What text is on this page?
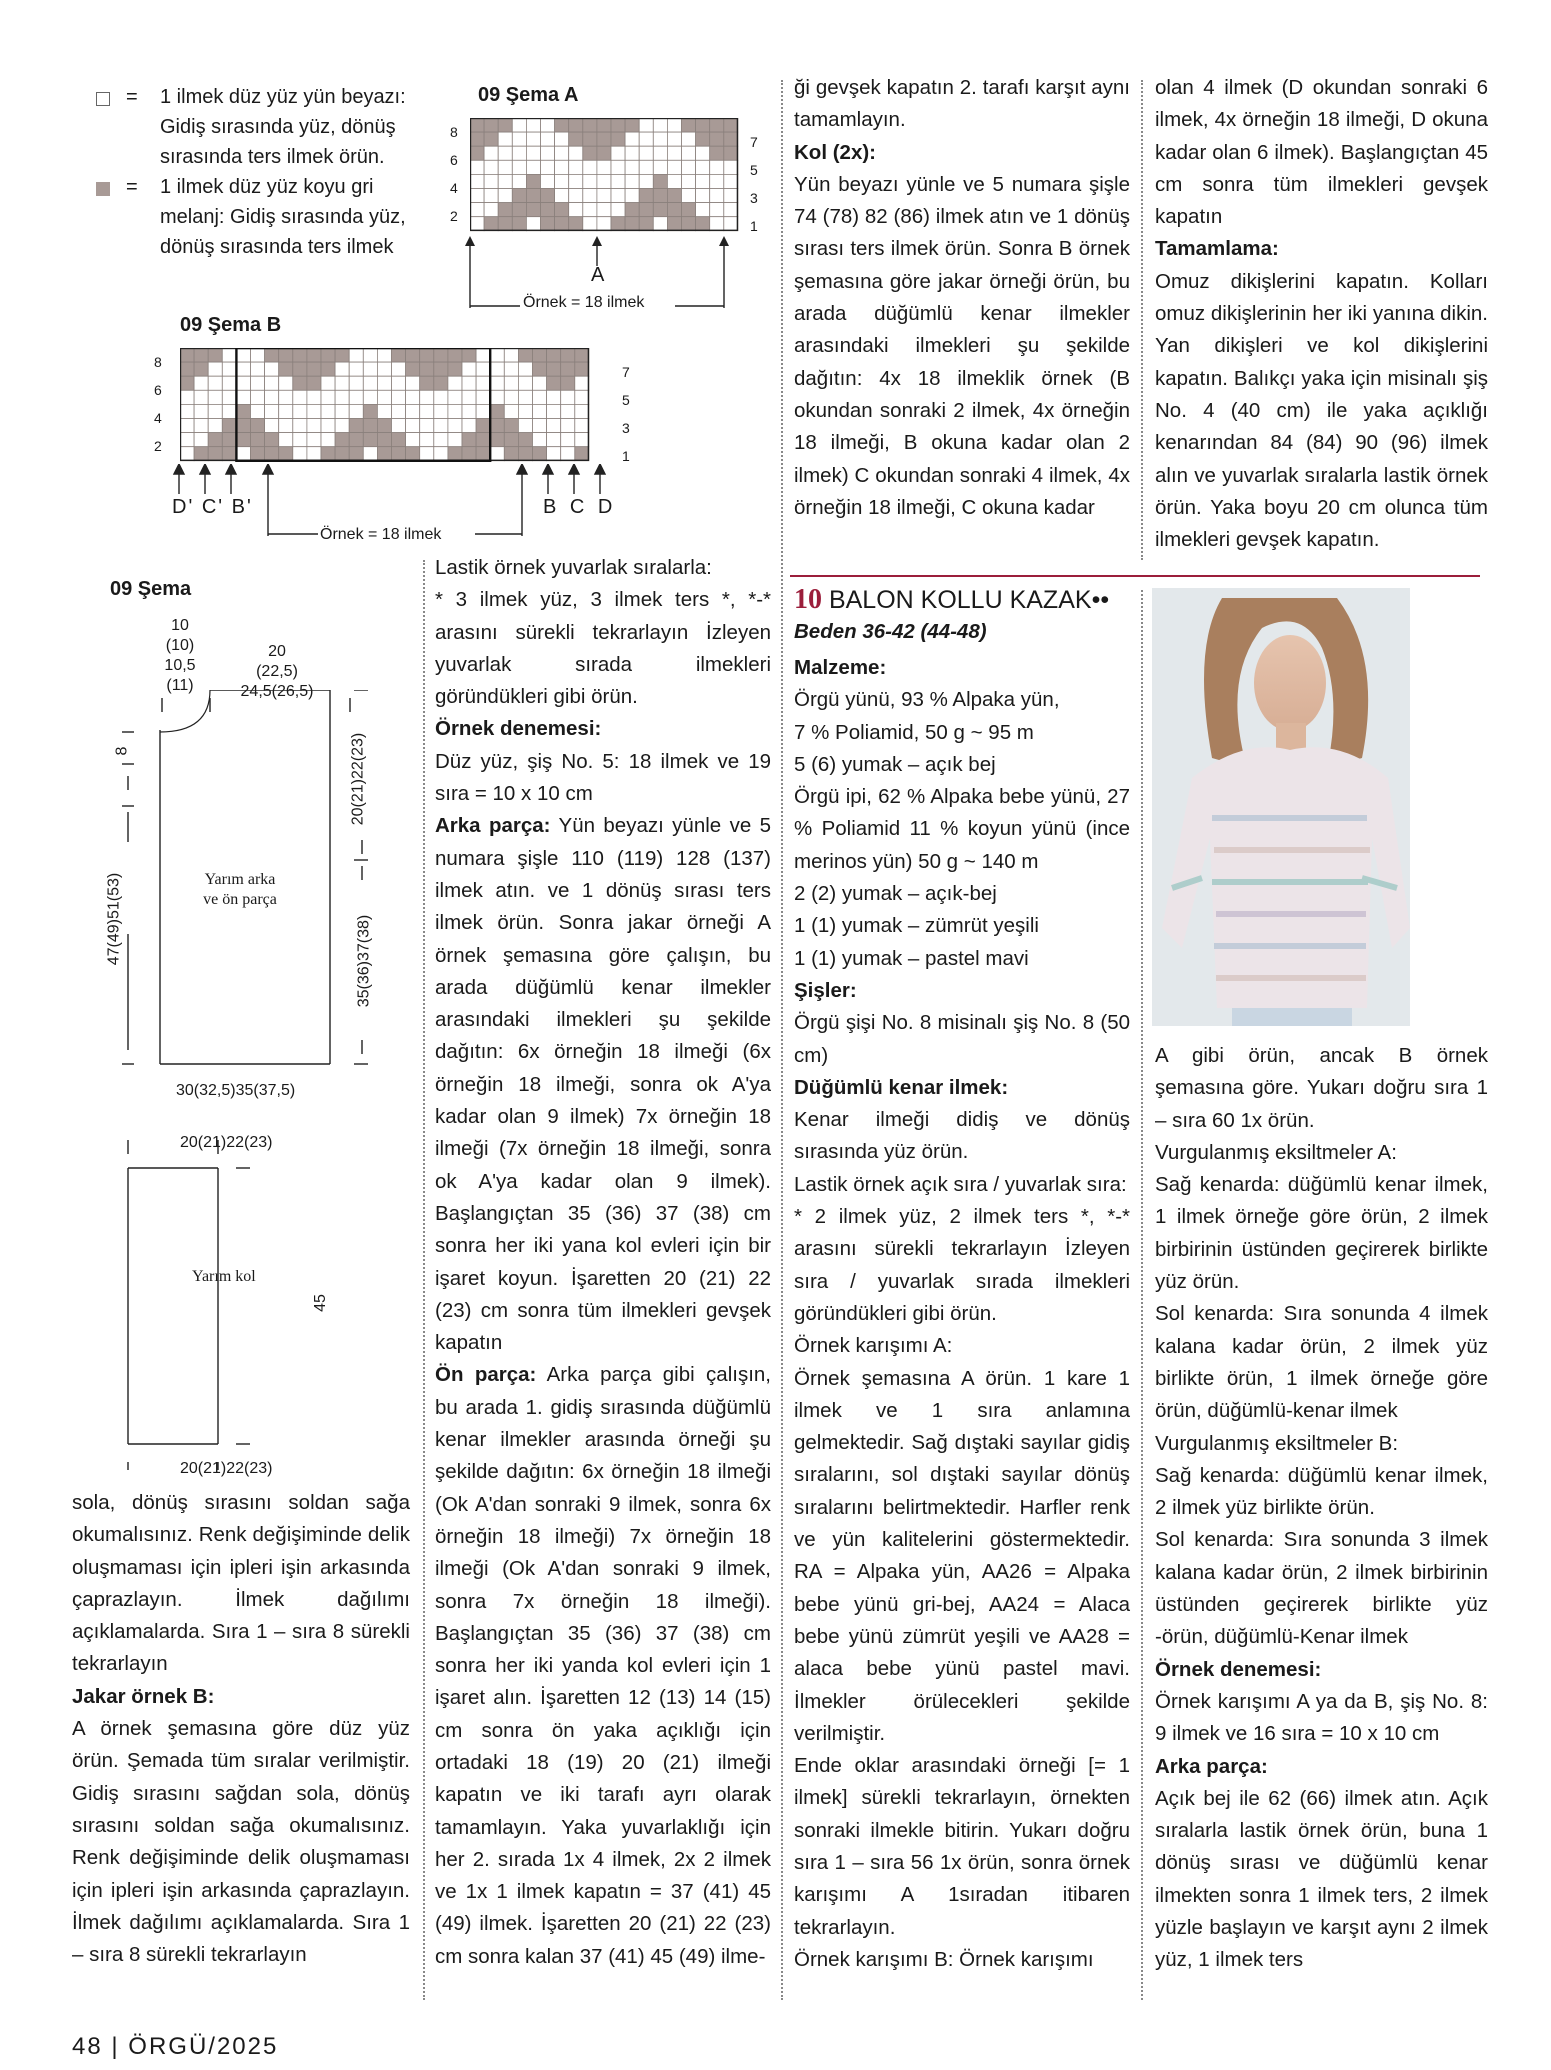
= 1 ilmek düz yüz yün beyazı: Gidiş sırasında yüz, dönüş sırasında ters ilmek örün.
= 1 ilmek düz yüz koyu gri melanj: Gidiş sırasında yüz, dönüş sırasında ters ilmek
09 Şema A
8
6
4
2
7
5
3
1
A
Örnek = 18 ilmek
09 Şema B
8
6
4
2
7
5
3
1
D' C' B'	B C D
Örnek = 18 ilmek
09 Şema
10
(10)
10,5
(11)
20
(22,5)
24,5(26,5)
8
47(49)51(53)
20(21)22(23)
35(36)37(38)
Yarım arka
ve ön parça
30(32,5)35(37,5)
20(21)22(23)
Yarım kol
45
20(21)22(23)

sola, dönüş sırasını soldan sağa okumalısınız. Renk değişiminde delik oluşmaması için ipleri işin arkasında çaprazlayın. İlmek dağılımı açıklamalarda. Sıra 1 – sıra 8 sürekli tekrarlayın

Jakar örnek B:

A örnek şemasına göre düz yüz örün. Şemada tüm sıralar verilmiştir. Gidiş sırasını sağdan sola, dönüş sırasını soldan sağa okumalısınız. Renk değişiminde delik oluşmaması için ipleri işin arkasında çaprazlayın. İlmek dağılımı açıklamalarda. Sıra 1 – sıra 8 sürekli tekrarlayın

Lastik örnek yuvarlak sıralarla:

* 3 ilmek yüz, 3 ilmek ters *, *-* arasını sürekli tekrarlayın İzleyen yuvarlak sırada ilmekleri göründükleri gibi örün.

Örnek denemesi:

Düz yüz, şiş No. 5: 18 ilmek ve 19 sıra = 10 x 10 cm

Arka parça: Yün beyazı yünle ve 5 numara şişle 110 (119) 128 (137) ilmek atın. ve 1 dönüş sırası ters ilmek örün. Sonra jakar örneği A örnek şemasına göre çalışın, bu arada düğümlü kenar ilmekler arasındaki ilmekleri şu şekilde dağıtın: 6x örneğin 18 ilmeği (6x örneğin 18 ilmeği, sonra ok A'ya kadar olan 9 ilmek) 7x örneğin 18 ilmeği (7x örneğin 18 ilmeği, sonra ok A'ya kadar olan 9 ilmek). Başlangıçtan 35 (36) 37 (38) cm sonra her iki yana kol evleri için bir işaret koyun. İşaretten 20 (21) 22 (23) cm sonra tüm ilmekleri gevşek kapatın

Ön parça: Arka parça gibi çalışın, bu arada 1. gidiş sırasında düğümlü kenar ilmekler arasında örneği şu şekilde dağıtın: 6x örneğin 18 ilmeği (Ok A'dan sonraki 9 ilmek, sonra 6x örneğin 18 ilmeği) 7x örneğin 18 ilmeği (Ok A'dan sonraki 9 ilmek, sonra 7x örneğin 18 ilmeği). Başlangıçtan 35 (36) 37 (38) cm sonra her iki yanda kol evleri için 1 işaret alın. İşaretten 12 (13) 14 (15) cm sonra ön yaka açıklığı için ortadaki 18 (19) 20 (21) ilmeği kapatın ve iki tarafı ayrı olarak tamamlayın. Yaka yuvarlaklığı için her 2. sırada 1x 4 ilmek, 2x 2 ilmek ve 1x 1 ilmek kapatın = 37 (41) 45 (49) ilmek. İşaretten 20 (21) 22 (23) cm sonra kalan 37 (41) 45 (49) ilme-

ği gevşek kapatın 2. tarafı karşıt aynı tamamlayın.

Kol (2x):

Yün beyazı yünle ve 5 numara şişle 74 (78) 82 (86) ilmek atın ve 1 dönüş sırası ters ilmek örün. Sonra B örnek şemasına göre jakar örneği örün, bu arada düğümlü kenar ilmekler arasındaki ilmekleri şu şekilde dağıtın: 4x 18 ilmeklik örnek (B okundan sonraki 2 ilmek, 4x örneğin 18 ilmeği, B okuna kadar olan 2 ilmek) C okundan sonraki 4 ilmek, 4x örneğin 18 ilmeği, C okuna kadar

olan 4 ilmek (D okundan sonraki 6 ilmek, 4x örneğin 18 ilmeği, D okuna kadar olan 6 ilmek). Başlangıçtan 45 cm sonra tüm ilmekleri gevşek kapatın

Tamamlama:

Omuz dikişlerini kapatın. Kolları omuz dikişlerinin her iki yanına dikin. Yan dikişleri ve kol dikişlerini kapatın. Balıkçı yaka için misinalı şiş No. 4 (40 cm) ile yaka açıklığı kenarından 84 (84) 90 (96) ilmek alın ve yuvarlak sıralarla lastik örnek örün. Yaka boyu 20 cm olunca tüm ilmekleri gevşek kapatın.

10 BALON KOLLU KAZAK••
Beden 36-42 (44-48)

Malzeme:

Örgü yünü, 93 % Alpaka yün,

7 % Poliamid, 50 g ~ 95 m

5 (6) yumak – açık bej

Örgü ipi, 62 % Alpaka bebe yünü, 27 % Poliamid 11 % koyun yünü (ince merinos yün) 50 g ~ 140 m

2 (2) yumak – açık-bej

1 (1) yumak – zümrüt yeşili

1 (1) yumak – pastel mavi

Şişler:

Örgü şişi No. 8 misinalı şiş No. 8 (50 cm)

Düğümlü kenar ilmek:

Kenar ilmeği didiş ve dönüş sırasında yüz örün.

Lastik örnek açık sıra / yuvarlak sıra:

* 2 ilmek yüz, 2 ilmek ters *, *-* arasını sürekli tekrarlayın İzleyen sıra / yuvarlak sırada ilmekleri göründükleri gibi örün.

Örnek karışımı A:

Örnek şemasına A örün. 1 kare 1 ilmek ve 1 sıra anlamına gelmektedir. Sağ dıştaki sayılar gidiş sıralarını, sol dıştaki sayılar dönüş sıralarını belirtmektedir. Harfler renk ve yün kalitelerini göstermektedir. RA = Alpaka yün, AA26 = Alpaka bebe yünü gri-bej, AA24 = Alaca bebe yünü zümrüt yeşili ve AA28 = alaca bebe yünü pastel mavi. İlmekler örülecekleri şekilde verilmiştir.

Ende oklar arasındaki örneği [= 1 ilmek] sürekli tekrarlayın, örnekten sonraki ilmekle bitirin. Yukarı doğru sıra 1 – sıra 56 1x örün, sonra örnek karışımı A 1sıradan itibaren tekrarlayın.

Örnek karışımı B: Örnek karışımı

A gibi örün, ancak B örnek şemasına göre. Yukarı doğru sıra 1 – sıra 60 1x örün.

Vurgulanmış eksiltmeler A:

Sağ kenarda: düğümlü kenar ilmek, 1 ilmek örneğe göre örün, 2 ilmek birbirinin üstünden geçirerek birlikte yüz örün.

Sol kenarda: Sıra sonunda 4 ilmek kalana kadar örün, 2 ilmek yüz birlikte örün, 1 ilmek örneğe göre örün, düğümlü-kenar ilmek

Vurgulanmış eksiltmeler B:

Sağ kenarda: düğümlü kenar ilmek, 2 ilmek yüz birlikte örün.

Sol kenarda: Sıra sonunda 3 ilmek kalana kadar örün, 2 ilmek birbirinin üstünden geçirerek birlikte yüz -örün, düğümlü-Kenar ilmek

Örnek denemesi:

Örnek karışımı A ya da B, şiş No. 8: 9 ilmek ve 16 sıra = 10 x 10 cm

Arka parça:

Açık bej ile 62 (66) ilmek atın. Açık sıralarla lastik örnek örün, buna 1 dönüş sırası ve düğümlü kenar ilmekten sonra 1 ilmek ters, 2 ilmek yüzle başlayın ve karşıt aynı 2 ilmek yüz, 1 ilmek ters

48 | ÖRGÜ/2025
